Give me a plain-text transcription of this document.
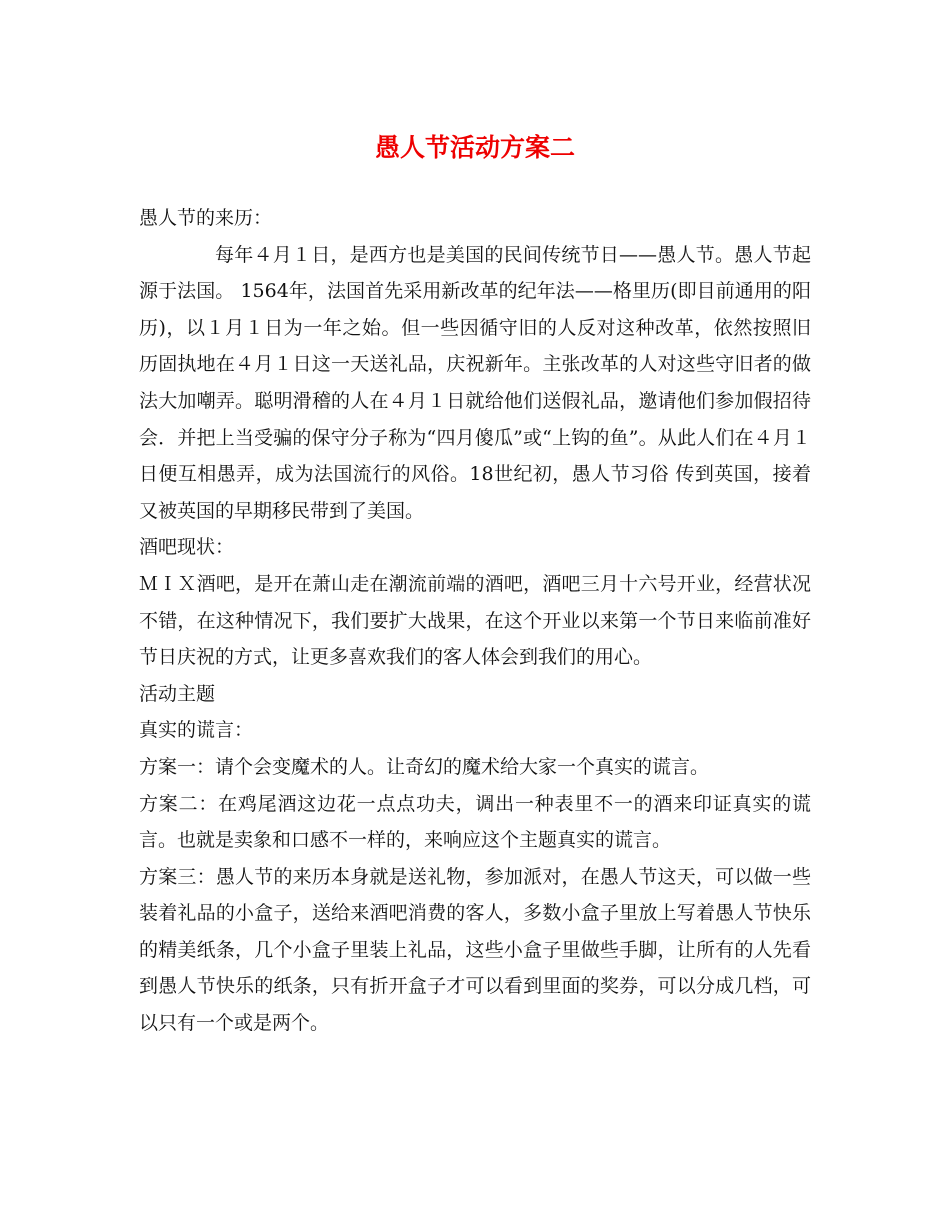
愚人节活动方案二

愚人节的来历：

每年４月１日，是西方也是美国的民间传统节日——愚人节。愚人节起源于法国。 1564年，法国首先采用新改革的纪年法——格里历(即目前通用的阳历)，以１月１日为一年之始。但一些因循守旧的人反对这种改革，依然按照旧历固执地在４月１日这一天送礼品，庆祝新年。主张改革的人对这些守旧者的做法大加嘲弄。聪明滑稽的人在４月１日就给他们送假礼品，邀请他们参加假招待会．并把上当受骗的保守分子称为“四月傻瓜”或“上钩的鱼”。从此人们在４月１日便互相愚弄，成为法国流行的风俗。18世纪初，愚人节习俗 传到英国，接着又被英国的早期移民带到了美国。

酒吧现状：

ＭＩＸ酒吧，是开在萧山走在潮流前端的酒吧，酒吧三月十六号开业，经营状况不错，在这种情况下，我们要扩大战果，在这个开业以来第一个节日来临前准好节日庆祝的方式，让更多喜欢我们的客人体会到我们的用心。

活动主题

真实的谎言：

方案一：请个会变魔术的人。让奇幻的魔术给大家一个真实的谎言。

方案二：在鸡尾酒这边花一点点功夫，调出一种表里不一的酒来印证真实的谎言。也就是卖象和口感不一样的，来响应这个主题真实的谎言。

方案三：愚人节的来历本身就是送礼物，参加派对，在愚人节这天，可以做一些装着礼品的小盒子，送给来酒吧消费的客人，多数小盒子里放上写着愚人节快乐的精美纸条，几个小盒子里装上礼品，这些小盒子里做些手脚，让所有的人先看到愚人节快乐的纸条，只有折开盒子才可以看到里面的奖券，可以分成几档，可以只有一个或是两个。
